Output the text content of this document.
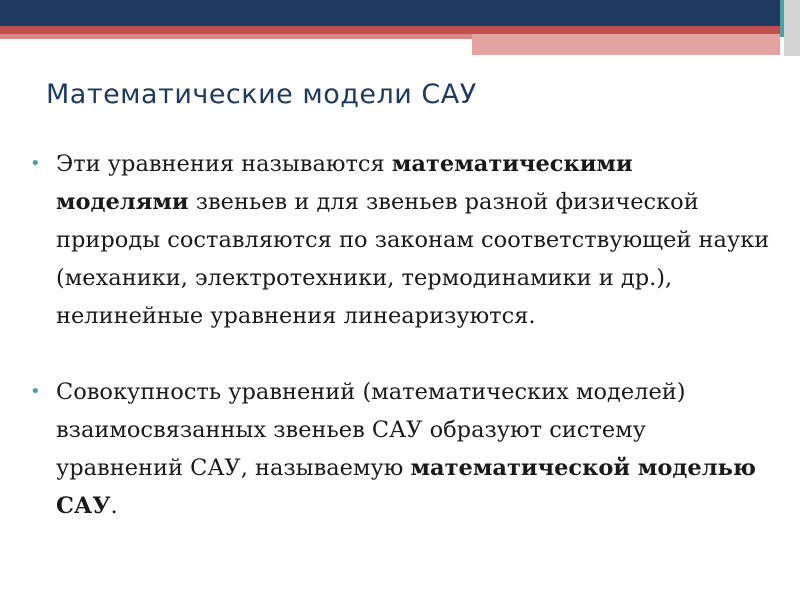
Математические модели САУ
• Эти уравнения называются математическими моделями звеньев и для звеньев разной физической природы составляются по законам соответствующей науки (механики, электротехники, термодинамики и др.), нелинейные уравнения линеаризуются.
• Совокупность уравнений (математических моделей) взаимосвязанных звеньев САУ образуют систему уравнений САУ, называемую математической моделью САУ.
